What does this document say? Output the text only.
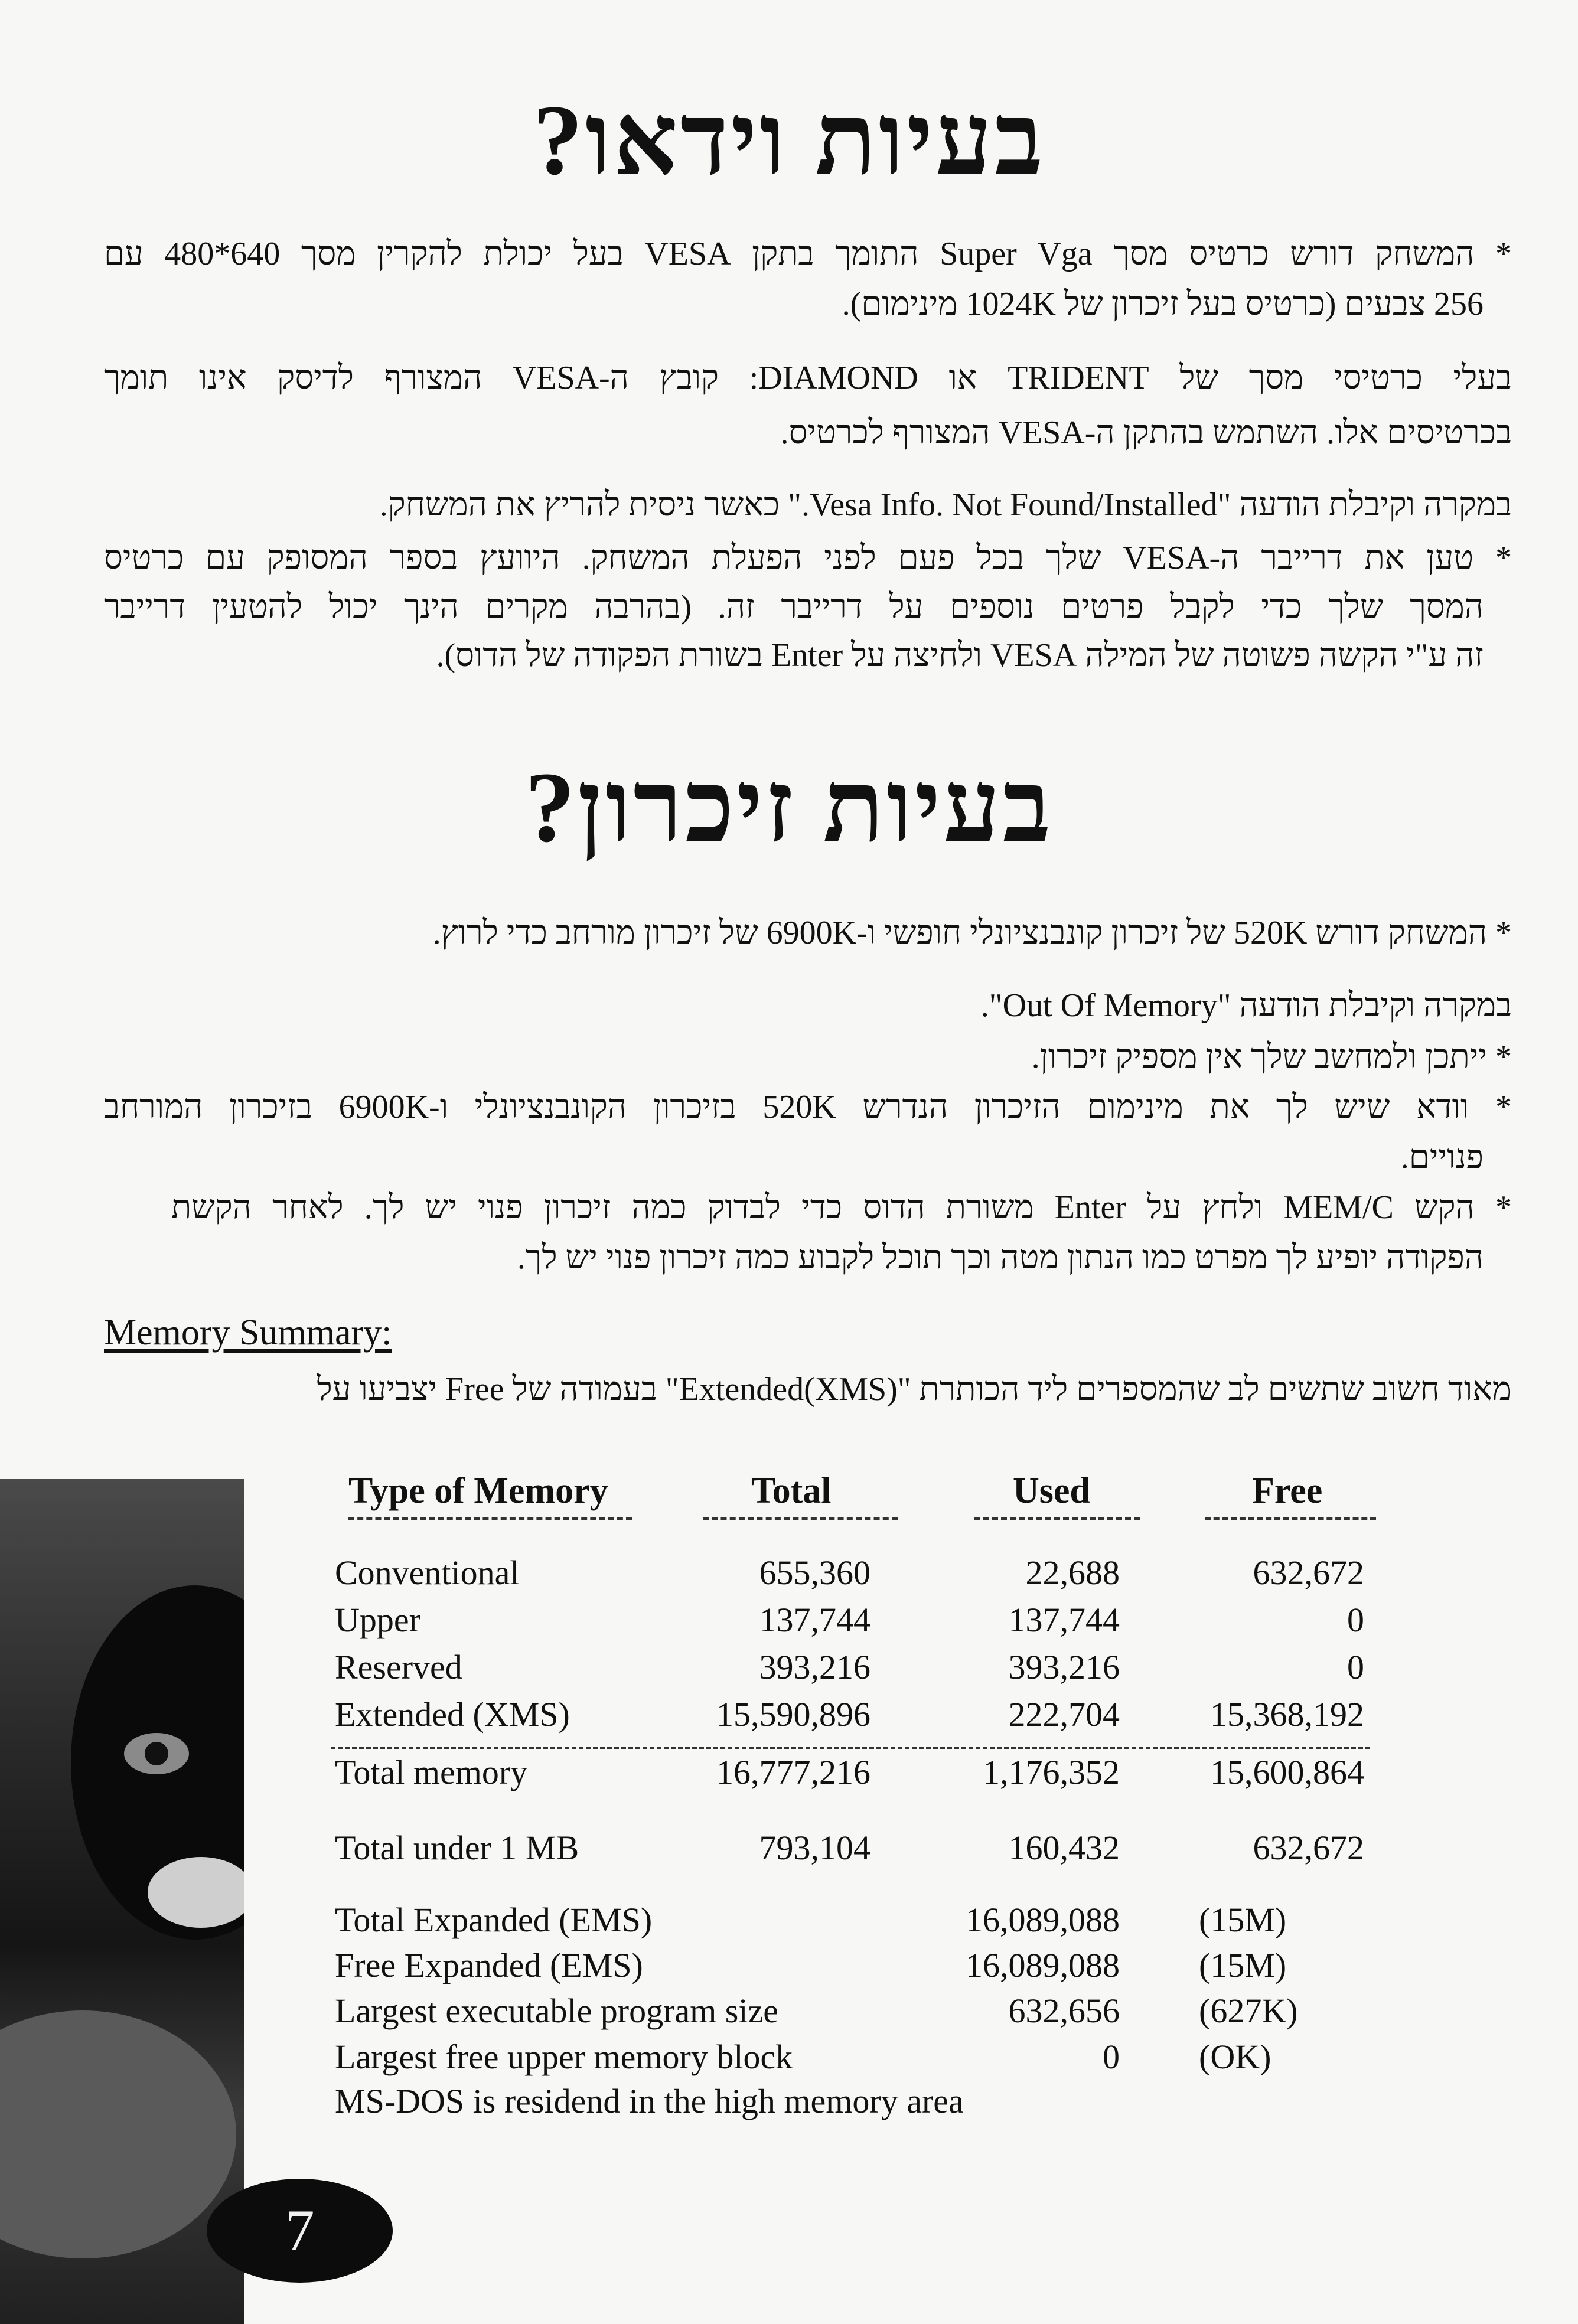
בעיות וידאו?
* המשחק דורש כרטיס מסך Super Vga התומך בתקן VESA בעל יכולת להקרין מסך 640*480 עם
256 צבעים (כרטיס בעל זיכרון של 1024K מינימום).
בעלי כרטיסי מסך של TRIDENT או DIAMOND: קובץ ה-VESA המצורף לדיסק אינו תומך
בכרטיסים אלו. השתמש בהתקן ה-VESA המצורף לכרטיס.
במקרה וקיבלת הודעה "Vesa Info. Not Found/Installed." כאשר ניסית להריץ את המשחק.
* טען את דרייבר ה-VESA שלך בכל פעם לפני הפעלת המשחק. היוועץ בספר המסופק עם כרטיס
המסך שלך כדי לקבל פרטים נוספים על דרייבר זה. (בהרבה מקרים הינך יכול להטעין דרייבר
זה ע"י הקשה פשוטה של המילה VESA ולחיצה על Enter בשורת הפקודה של הדוס).
בעיות זיכרון?
* המשחק דורש 520K של זיכרון קונבנציונלי חופשי ו-6900K של זיכרון מורחב כדי לרוץ.
במקרה וקיבלת הודעה "Out Of Memory".
* ייתכן ולמחשב שלך אין מספיק זיכרון.
* וודא שיש לך את מינימום הזיכרון הנדרש 520K בזיכרון הקונבנציונלי ו-6900K בזיכרון המורחב
פנויים.
* הקש MEM/C ולחץ על Enter משורת הדוס כדי לבדוק כמה זיכרון פנוי יש לך. לאחר הקשת
הפקודה יופיע לך מפרט כמו הנתון מטה וכך תוכל לקבוע כמה זיכרון פנוי יש לך.
Memory Summary:
מאוד חשוב שתשים לב שהמספרים ליד הכותרת "Extended(XMS)" בעמודה של Free יצביעו על
Type of Memory	Total	Used	Free
Conventional	655,360	22,688	632,672
Upper	137,744	137,744	0
Reserved	393,216	393,216	0
Extended (XMS)	15,590,896	222,704	15,368,192
Total memory	16,777,216	1,176,352	15,600,864
Total under 1 MB	793,104	160,432	632,672
Total Expanded (EMS)	16,089,088 (15M)
Free Expanded (EMS)	16,089,088 (15M)
Largest executable program size	632,656 (627K)
Largest free upper memory block	0 (OK)
MS-DOS is residend in the high memory area
7
